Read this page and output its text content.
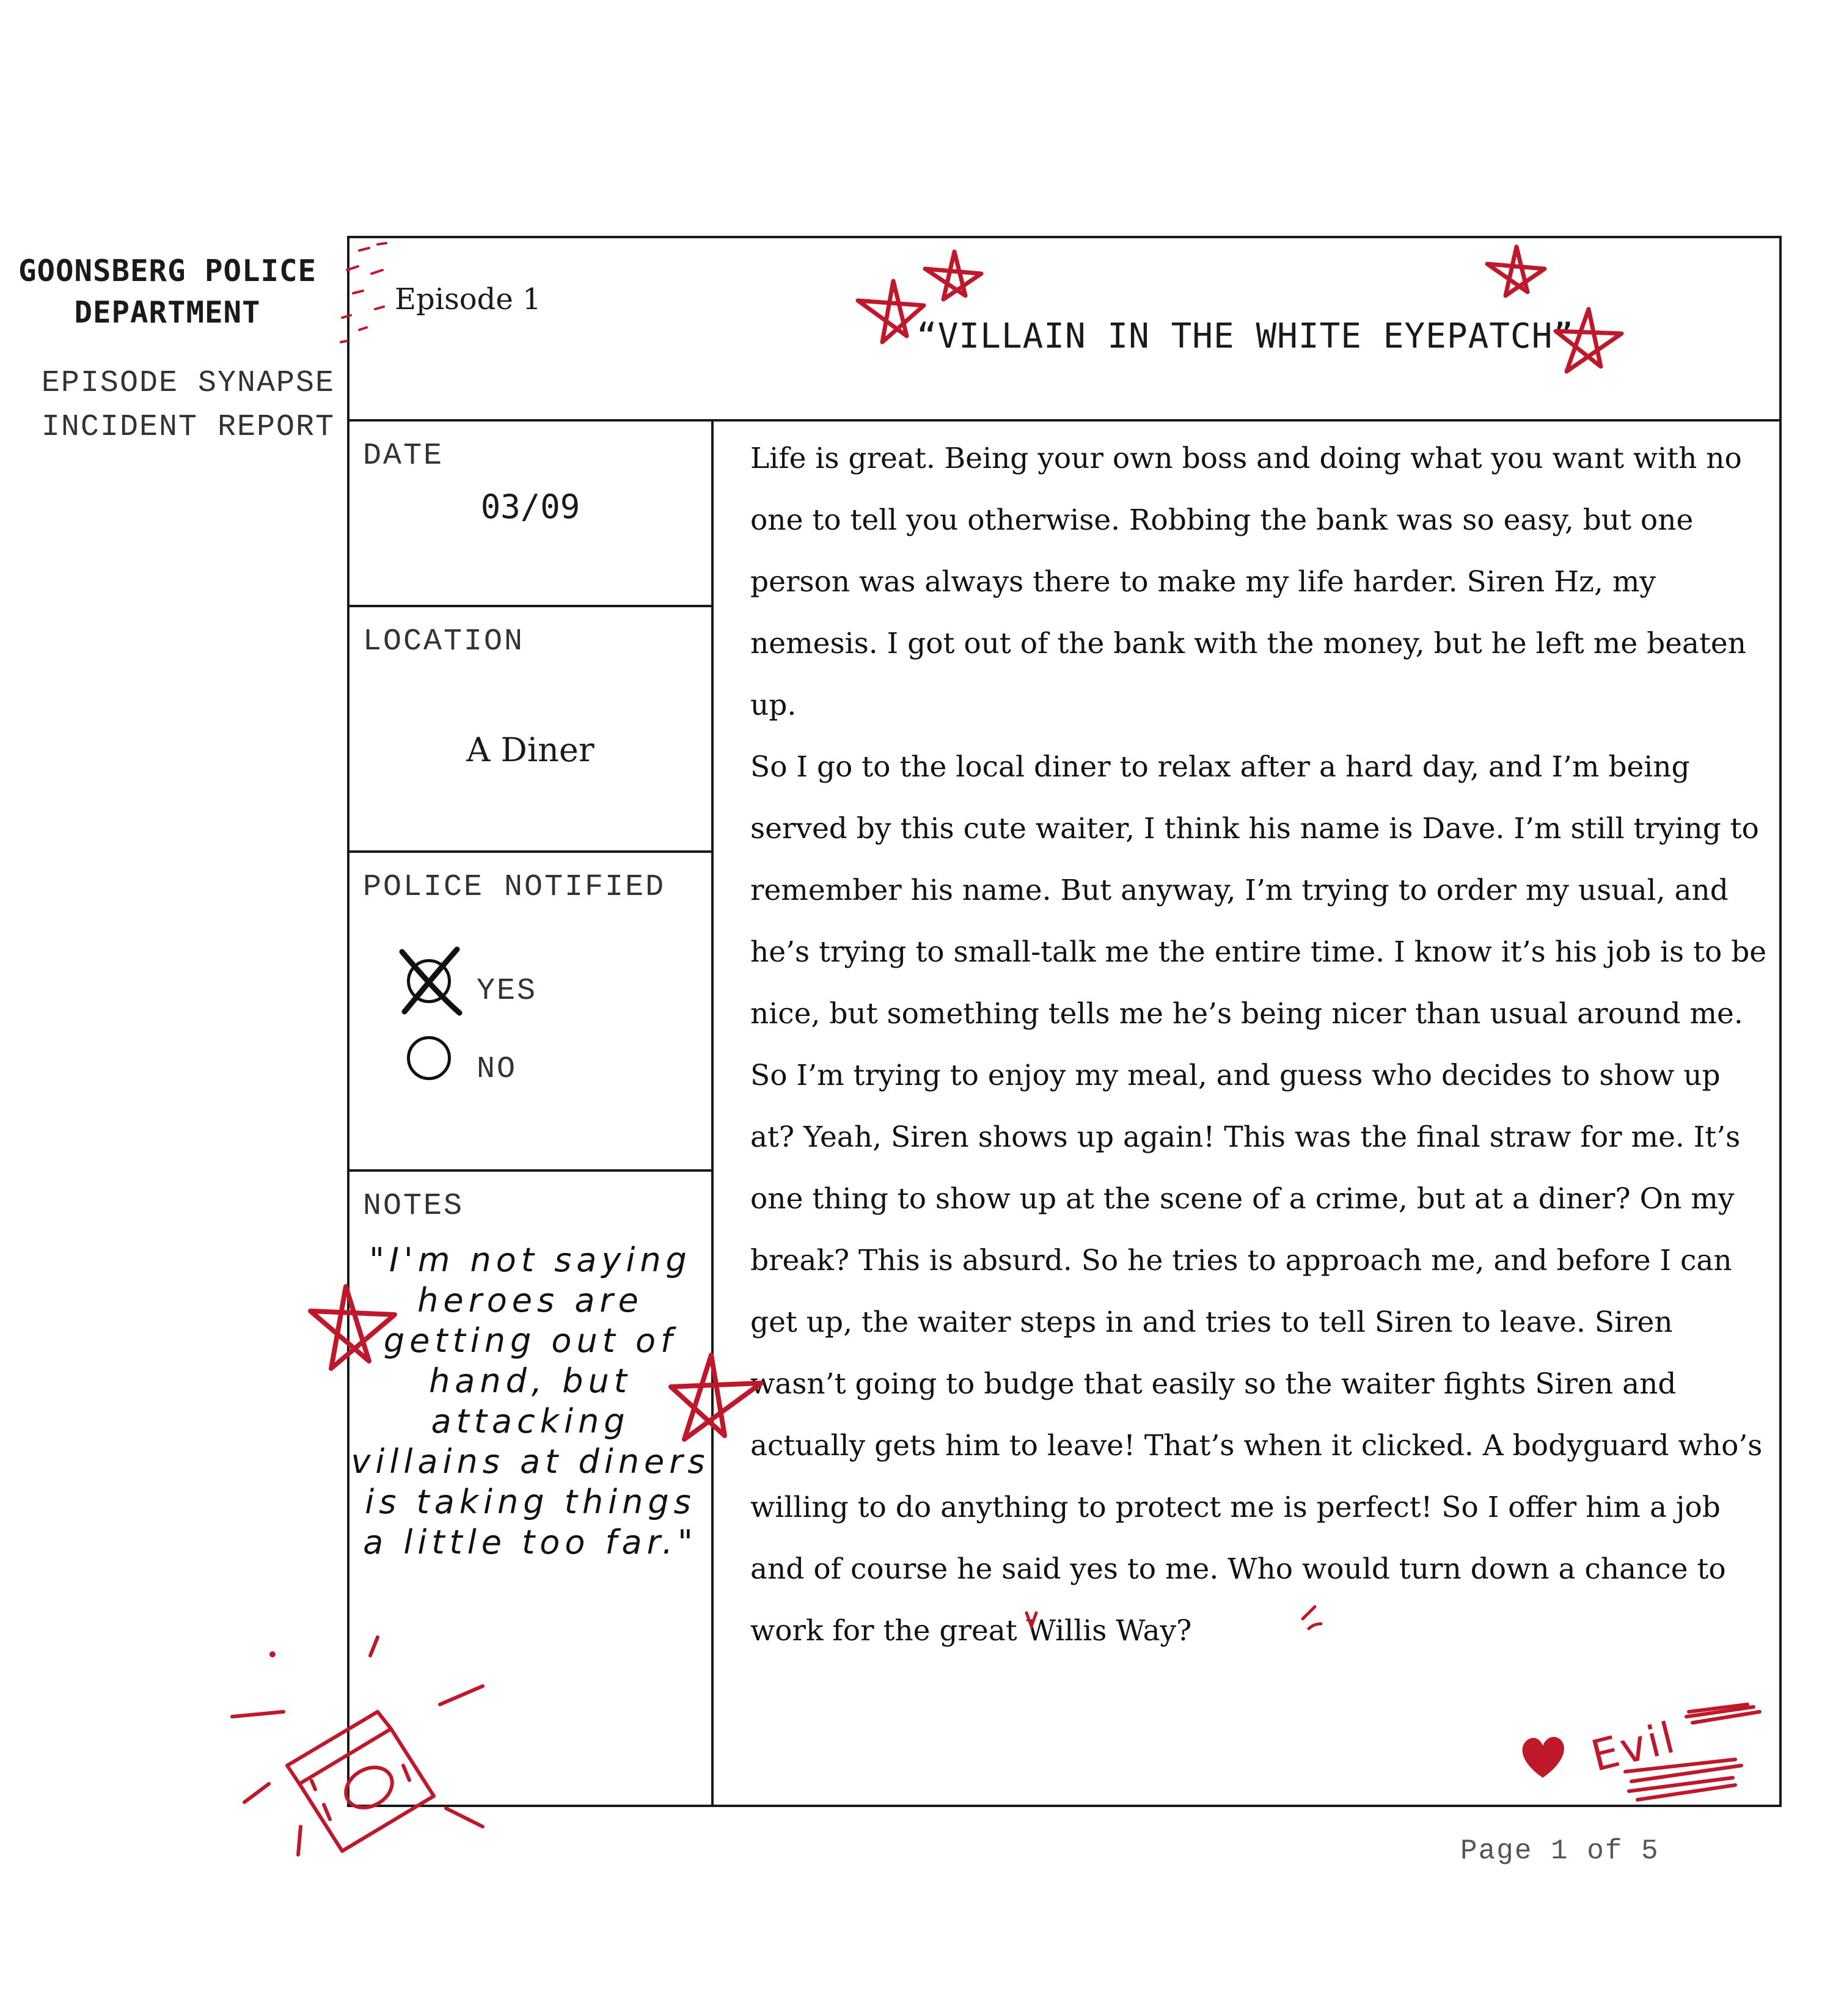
GOONSBERG POLICE DEPARTMENT
EPISODE SYNAPSE INCIDENT REPORT
Episode 1
“VILLAIN IN THE WHITE EYEPATCH”
DATE
03/09
LOCATION
A Diner
POLICE NOTIFIED
YES
NO
NOTES
"I'm not saying heroes are getting out of hand, but attacking villains at diners is taking things a little too far."

Life is great. Being your own boss and doing what you want with no one to tell you otherwise. Robbing the bank was so easy, but one person was always there to make my life harder. Siren Hz, my nemesis. I got out of the bank with the money, but he left me beaten up.

So I go to the local diner to relax after a hard day, and I’m being served by this cute waiter, I think his name is Dave. I’m still trying to remember his name. But anyway, I’m trying to order my usual, and he’s trying to small-talk me the entire time. I know it’s his job is to be nice, but something tells me he’s being nicer than usual around me. So I’m trying to enjoy my meal, and guess who decides to show up at? Yeah, Siren shows up again! This was the final straw for me. It’s one thing to show up at the scene of a crime, but at a diner? On my break? This is absurd. So he tries to approach me, and before I can get up, the waiter steps in and tries to tell Siren to leave. Siren wasn’t going to budge that easily so the waiter fights Siren and actually gets him to leave! That’s when it clicked. A bodyguard who’s willing to do anything to protect me is perfect! So I offer him a job and of course he said yes to me. Who would turn down a chance to work for the great Willis Way?

Page 1 of 5
Evil
